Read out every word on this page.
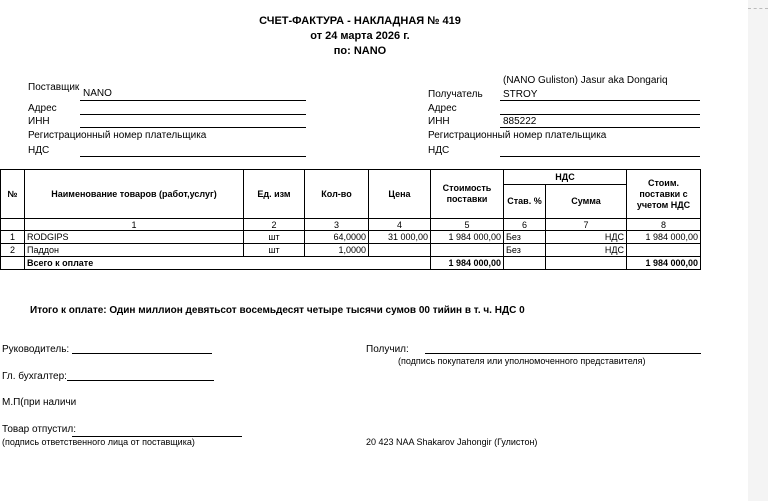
СЧЕТ-ФАКТУРА - НАКЛАДНАЯ № 419
от 24 марта 2026 г.
по: NANO
Поставщик
NANO
Адрес
ИНН
Регистрационный номер плательщика
НДС
(NANO Guliston) Jasur aka Dongariq
Получатель STROY
Адрес
ИНН	885222
Регистрационный номер плательщика
НДС
№	Наименование товаров (работ,услуг)	Ед. изм	Кол-во	Цена	Стоимость поставки	НДС		Стоим. поставки с учетом НДС
						Став. %	Сумма	
	1	2	3	4	5	6	7	8
1	RODGIPS	шт	64,0000	31 000,00	1 984 000,00	Без	НДС	1 984 000,00
2	Паддон	шт	1,0000			Без	НДС	
	Всего к оплате				1 984 000,00			1 984 000,00
Итого к оплате: Один миллион девятьсот восемьдесят четыре тысячи сумов 00 тийин в т. ч. НДС 0
Руководитель:
Гл. бухгалтер:
М.П(при наличи
Товар отпустил:
(подпись ответственного лица от поставщика)
Получил:
(подпись покупателя или уполномоченного представителя)
20 423 NAA Shakarov Jahongir (Гулистон)
